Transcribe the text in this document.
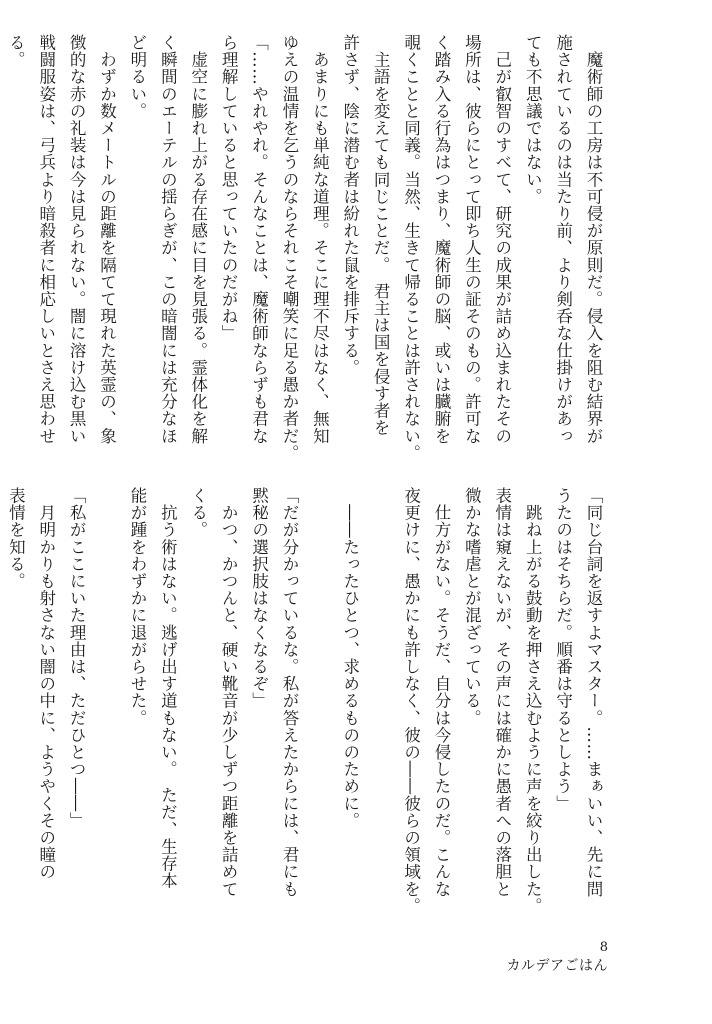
　魔術師の工房は不可侵が原則だ。侵入を阻む結界が
施されているのは当たり前、より剣呑な仕掛けがあっ
ても不思議ではない。
　己が叡智のすべて、研究の成果が詰め込まれたその
場所は、彼らにとって即ち人生の証そのもの。許可な
く踏み入る行為はつまり、魔術師の脳、或いは臓腑を
覗くことと同義。当然、生きて帰ることは許されない。
　主語を変えても同じことだ。　君主は国を侵す者を
許さず、陰に潜む者は紛れた鼠を排斥する。
　あまりにも単純な道理。そこに理不尽はなく、無知
ゆえの温情を乞うのならそれこそ嘲笑に足る愚か者だ。
「……やれやれ。そんなことは、魔術師ならずも君な
ら理解していると思っていたのだがね」
　虚空に膨れ上がる存在感に目を見張る。霊体化を解
く瞬間のエーテルの揺らぎが、この暗闇には充分なほ
ど明るい。
　わずか数メートルの距離を隔てて現れた英霊の、象
徴的な赤の礼装は今は見られない。闇に溶け込む黒い
戦闘服姿は、弓兵より暗殺者に相応しいとさえ思わせ
る。
「同じ台詞を返すよマスター。……まぁいい、先に問
うたのはそちらだ。順番は守るとしよう」
　跳ね上がる鼓動を押さえ込むように声を絞り出した。
表情は窺えないが、その声には確かに愚者への落胆と
微かな嗜虐とが混ざっている。
　仕方がない。そうだ、自分は今侵したのだ。こんな
夜更けに、愚かにも許しなく、彼の――彼らの領域を。
　――たったひとつ、求めるもののために。
「だが分かっているな。私が答えたからには、君にも
黙秘の選択肢はなくなるぞ」
　かつ、かつんと、硬い靴音が少しずつ距離を詰めて
くる。
　抗う術はない。逃げ出す道もない。　ただ、生存本
能が踵をわずかに退がらせた。
「私がここにいた理由は、ただひとつ――」
　月明かりも射さない闇の中に、ようやくその瞳の
表情を知る。
8
カルデアごはん
